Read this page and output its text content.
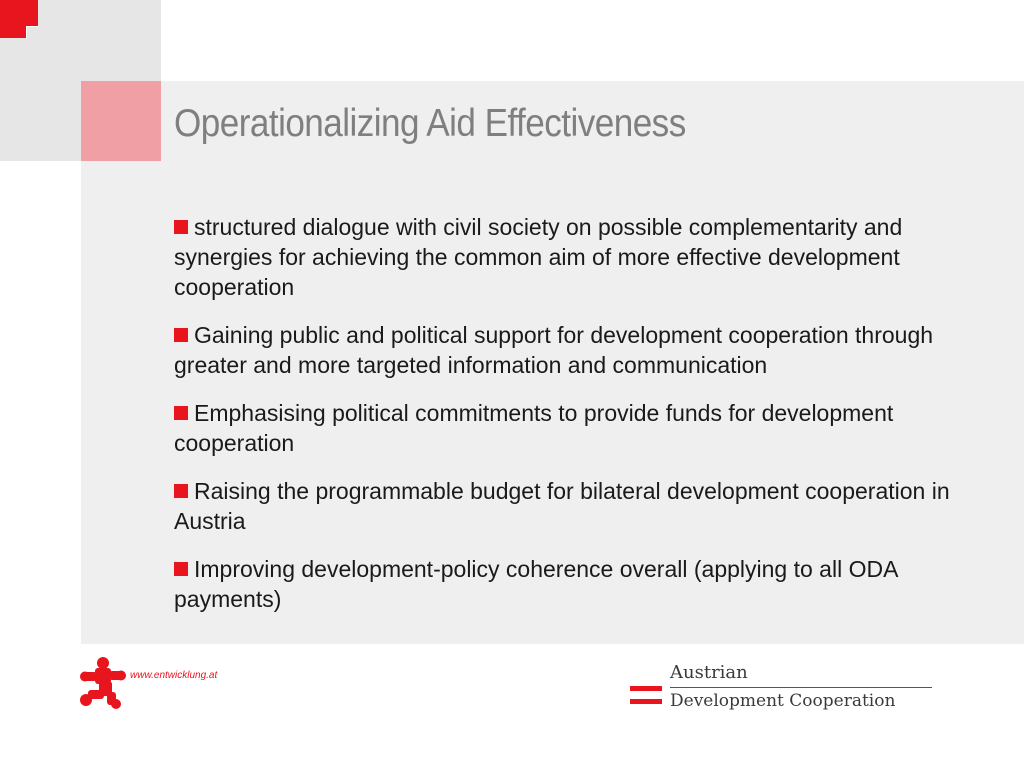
Operationalizing Aid Effectiveness
structured dialogue with civil society on possible complementarity and synergies for achieving the common aim of more effective development cooperation
Gaining public and political support for development cooperation through greater and more targeted information and communication
Emphasising political commitments to provide funds for development cooperation
Raising the programmable budget for bilateral development cooperation in Austria
Improving development-policy coherence overall (applying to all ODA payments)
www.entwicklung.at	Austrian
Development Cooperation
